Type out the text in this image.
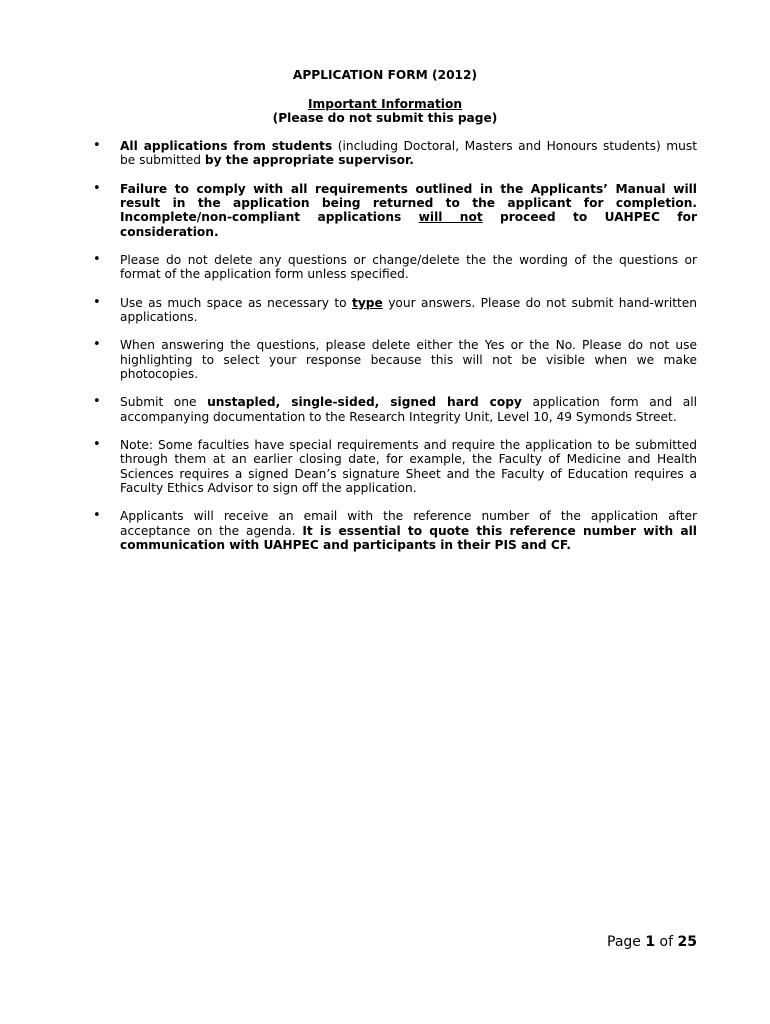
APPLICATION FORM (2012)
Important Information
(Please do not submit this page)
• All applications from students (including Doctoral, Masters and Honours students) must be submitted by the appropriate supervisor.
• Failure to comply with all requirements outlined in the Applicants’ Manual will result in the application being returned to the applicant for completion. Incomplete/non-compliant applications will not proceed to UAHPEC for consideration.
• Please do not delete any questions or change/delete the the wording of the questions or format of the application form unless specified.
• Use as much space as necessary to type your answers. Please do not submit hand-written applications.
• When answering the questions, please delete either the Yes or the No. Please do not use highlighting to select your response because this will not be visible when we make photocopies.
• Submit one unstapled, single-sided, signed hard copy application form and all accompanying documentation to the Research Integrity Unit, Level 10, 49 Symonds Street.
• Note: Some faculties have special requirements and require the application to be submitted through them at an earlier closing date, for example, the Faculty of Medicine and Health Sciences requires a signed Dean’s signature Sheet and the Faculty of Education requires a Faculty Ethics Advisor to sign off the application.
• Applicants will receive an email with the reference number of the application after acceptance on the agenda. It is essential to quote this reference number with all communication with UAHPEC and participants in their PIS and CF.
Page 1 of 25
